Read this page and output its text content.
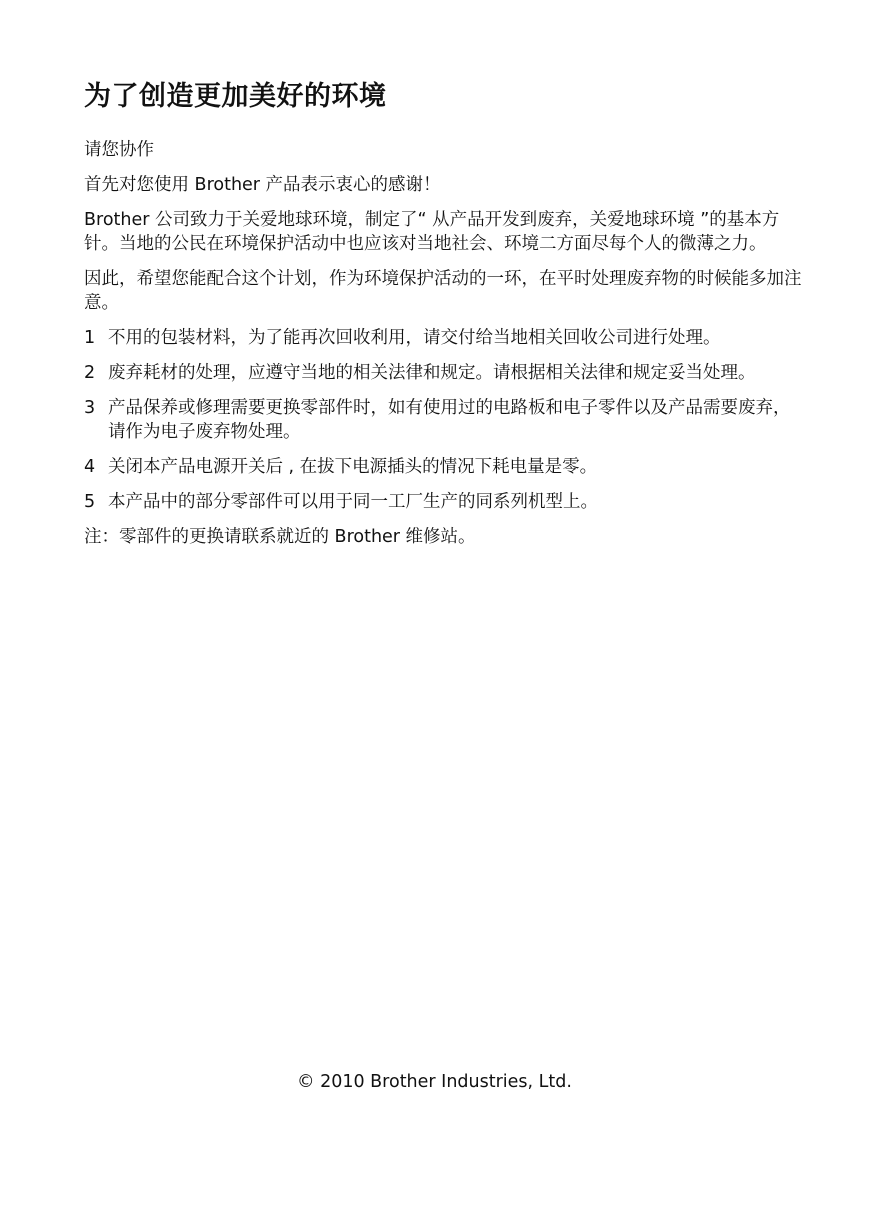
为了创造更加美好的环境

请您协作

首先对您使用 Brother 产品表示衷心的感谢！

Brother 公司致力于关爱地球环境，制定了“ 从产品开发到废弃，关爱地球环境 ”的基本方针。当地的公民在环境保护活动中也应该对当地社会、环境二方面尽每个人的微薄之力。

因此，希望您能配合这个计划，作为环境保护活动的一环，在平时处理废弃物的时候能多加注意。

1 不用的包装材料，为了能再次回收利用，请交付给当地相关回收公司进行处理。
2 废弃耗材的处理，应遵守当地的相关法律和规定。请根据相关法律和规定妥当处理。
3 产品保养或修理需要更换零部件时，如有使用过的电路板和电子零件以及产品需要废弃，请作为电子废弃物处理。
4 关闭本产品电源开关后 , 在拔下电源插头的情况下耗电量是零。
5 本产品中的部分零部件可以用于同一工厂生产的同系列机型上。

注：零部件的更换请联系就近的 Brother 维修站。

© 2010 Brother Industries, Ltd.
